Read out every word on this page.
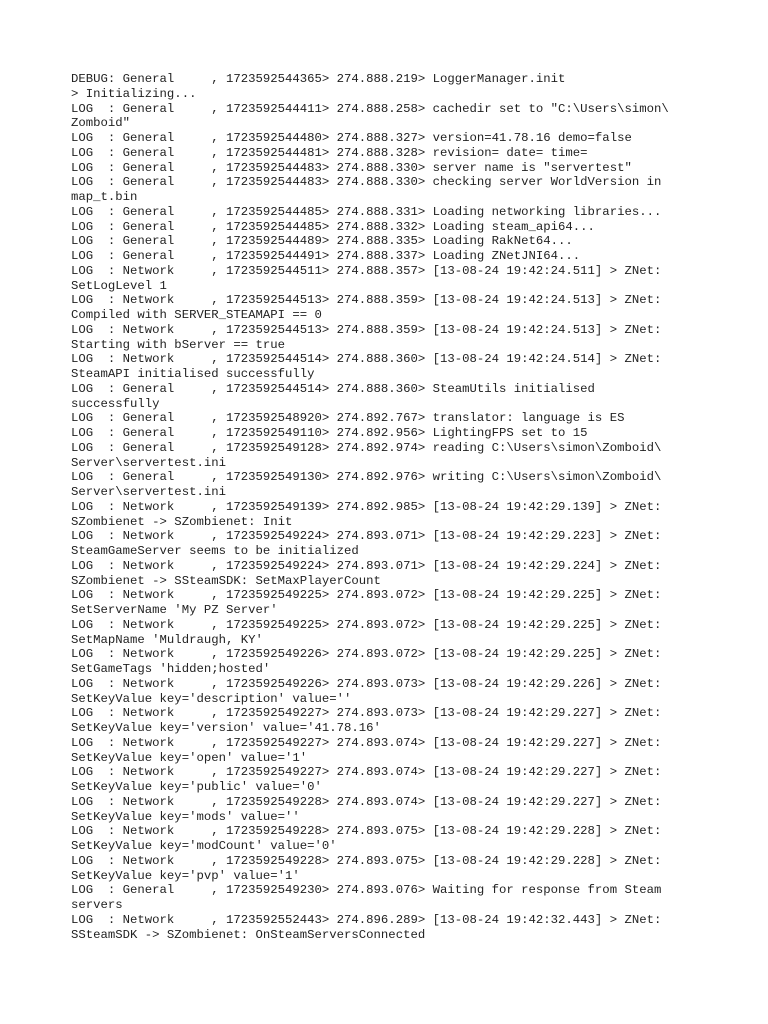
DEBUG: General     , 1723592544365> 274.888.219> LoggerManager.init
> Initializing...
LOG  : General     , 1723592544411> 274.888.258> cachedir set to "C:\Users\simon\
Zomboid"
LOG  : General     , 1723592544480> 274.888.327> version=41.78.16 demo=false
LOG  : General     , 1723592544481> 274.888.328> revision= date= time=
LOG  : General     , 1723592544483> 274.888.330> server name is "servertest"
LOG  : General     , 1723592544483> 274.888.330> checking server WorldVersion in
map_t.bin
LOG  : General     , 1723592544485> 274.888.331> Loading networking libraries...
LOG  : General     , 1723592544485> 274.888.332> Loading steam_api64...
LOG  : General     , 1723592544489> 274.888.335> Loading RakNet64...
LOG  : General     , 1723592544491> 274.888.337> Loading ZNetJNI64...
LOG  : Network     , 1723592544511> 274.888.357> [13-08-24 19:42:24.511] > ZNet:
SetLogLevel 1
LOG  : Network     , 1723592544513> 274.888.359> [13-08-24 19:42:24.513] > ZNet:
Compiled with SERVER_STEAMAPI == 0
LOG  : Network     , 1723592544513> 274.888.359> [13-08-24 19:42:24.513] > ZNet:
Starting with bServer == true
LOG  : Network     , 1723592544514> 274.888.360> [13-08-24 19:42:24.514] > ZNet:
SteamAPI initialised successfully
LOG  : General     , 1723592544514> 274.888.360> SteamUtils initialised
successfully
LOG  : General     , 1723592548920> 274.892.767> translator: language is ES
LOG  : General     , 1723592549110> 274.892.956> LightingFPS set to 15
LOG  : General     , 1723592549128> 274.892.974> reading C:\Users\simon\Zomboid\
Server\servertest.ini
LOG  : General     , 1723592549130> 274.892.976> writing C:\Users\simon\Zomboid\
Server\servertest.ini
LOG  : Network     , 1723592549139> 274.892.985> [13-08-24 19:42:29.139] > ZNet:
SZombienet -> SZombienet: Init
LOG  : Network     , 1723592549224> 274.893.071> [13-08-24 19:42:29.223] > ZNet:
SteamGameServer seems to be initialized
LOG  : Network     , 1723592549224> 274.893.071> [13-08-24 19:42:29.224] > ZNet:
SZombienet -> SSteamSDK: SetMaxPlayerCount
LOG  : Network     , 1723592549225> 274.893.072> [13-08-24 19:42:29.225] > ZNet:
SetServerName 'My PZ Server'
LOG  : Network     , 1723592549225> 274.893.072> [13-08-24 19:42:29.225] > ZNet:
SetMapName 'Muldraugh, KY'
LOG  : Network     , 1723592549226> 274.893.072> [13-08-24 19:42:29.225] > ZNet:
SetGameTags 'hidden;hosted'
LOG  : Network     , 1723592549226> 274.893.073> [13-08-24 19:42:29.226] > ZNet:
SetKeyValue key='description' value=''
LOG  : Network     , 1723592549227> 274.893.073> [13-08-24 19:42:29.227] > ZNet:
SetKeyValue key='version' value='41.78.16'
LOG  : Network     , 1723592549227> 274.893.074> [13-08-24 19:42:29.227] > ZNet:
SetKeyValue key='open' value='1'
LOG  : Network     , 1723592549227> 274.893.074> [13-08-24 19:42:29.227] > ZNet:
SetKeyValue key='public' value='0'
LOG  : Network     , 1723592549228> 274.893.074> [13-08-24 19:42:29.227] > ZNet:
SetKeyValue key='mods' value=''
LOG  : Network     , 1723592549228> 274.893.075> [13-08-24 19:42:29.228] > ZNet:
SetKeyValue key='modCount' value='0'
LOG  : Network     , 1723592549228> 274.893.075> [13-08-24 19:42:29.228] > ZNet:
SetKeyValue key='pvp' value='1'
LOG  : General     , 1723592549230> 274.893.076> Waiting for response from Steam
servers
LOG  : Network     , 1723592552443> 274.896.289> [13-08-24 19:42:32.443] > ZNet:
SSteamSDK -> SZombienet: OnSteamServersConnected
